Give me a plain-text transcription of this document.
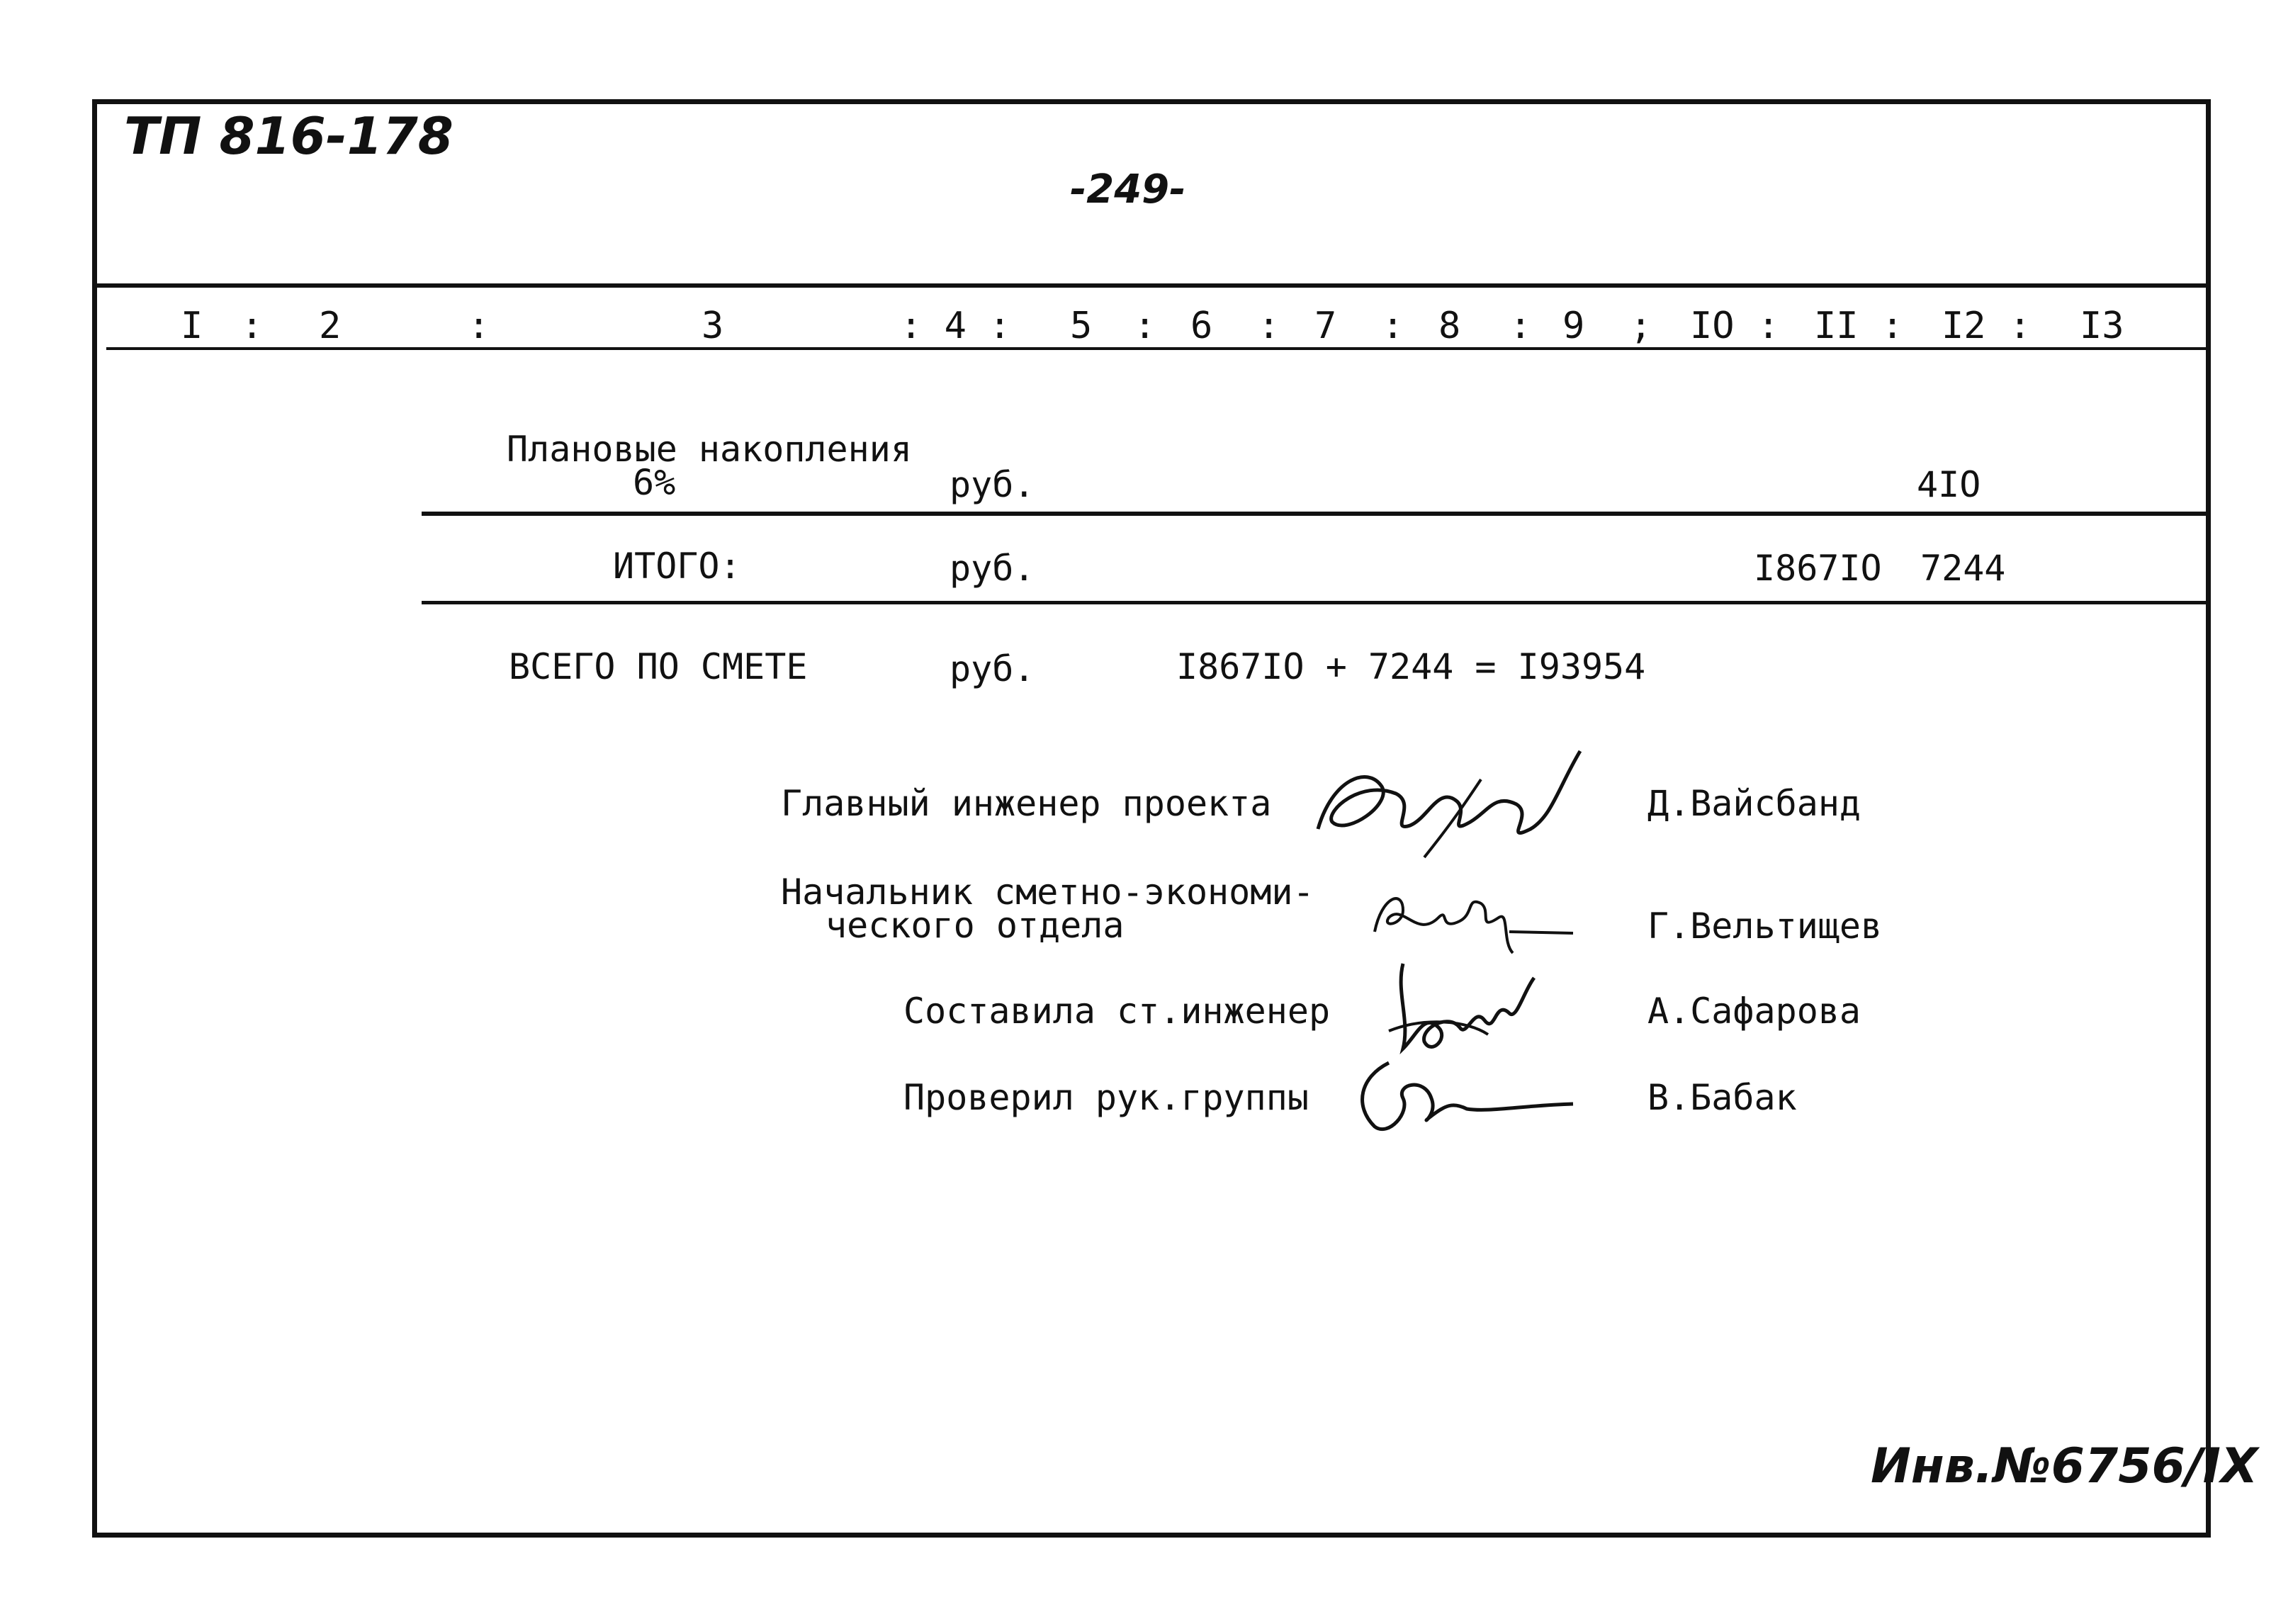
ТП 816-178
-249-
I : 2	:	3	: 4 : 5 : 6 : 7 : 8 : 9 ; IO : II : I2 : I3
Плановые накопления
6%	руб.	4IO
ИТОГО:	руб.	I867IO 7244
ВСЕГО ПО СМЕТЕ	руб.	I867IO + 7244 = I93954
Главный инженер проекта	Д.Вайсбанд
Начальник сметно-экономи-
ческого отдела	Г.Вельтищев
Составила ст.инженер	А.Сафарова
Проверил рук.группы	В.Бабак
Инв.№6756/IX
